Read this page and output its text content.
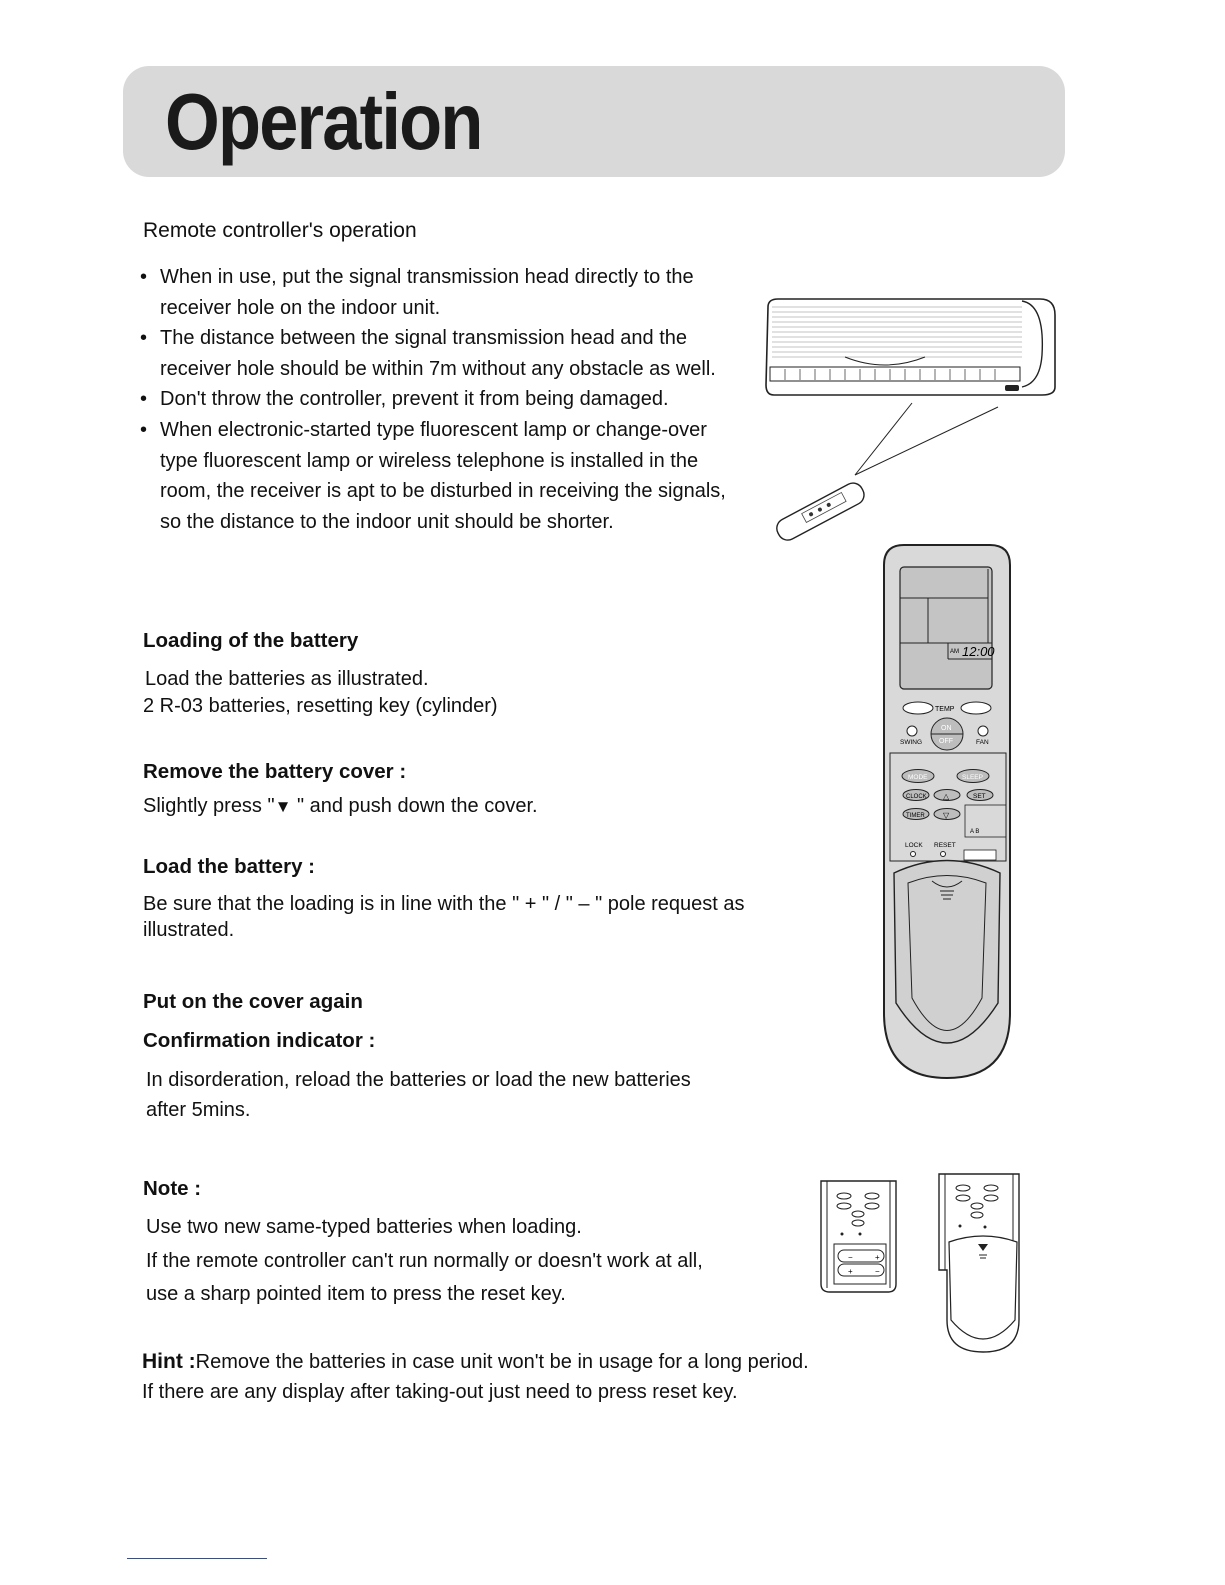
Operation
Remote controller's operation
• When in use, put the signal transmission head directly to the
receiver hole on the indoor unit.
• The distance between the signal transmission head and the
receiver hole should be within 7m without any obstacle as well.
• Don't throw the controller, prevent it from being damaged.
• When electronic-started type fluorescent lamp or change-over
type fluorescent lamp or wireless telephone is installed in the
room, the receiver is apt to be disturbed in receiving the signals,
so the distance to the indoor unit should be shorter.
AM 12:00
TEMP
ON
OFF
SWING	FAN
MODE	SLEEP
CLOCK △	SET
TIMER ▽
A B
LOCK RESET
Loading of the battery
Load the batteries as illustrated.
2 R-03 batteries, resetting key (cylinder)
Remove the battery cover :
Slightly press "▼ " and push down the cover.
Load the battery :
Be sure that the loading is in line with the " + " / " – " pole request as
illustrated.
Put on the cover again
Confirmation indicator :
In disorderation, reload the batteries or load the new batteries
after 5mins.
Note :
Use two new same-typed batteries when loading.
If the remote controller can't run normally or doesn't work at all,
use a sharp pointed item to press the reset key.
−	+
+	−
Hint :Remove the batteries in case unit won't be in usage for a long period.
If there are any display after taking-out just need to press reset key.
